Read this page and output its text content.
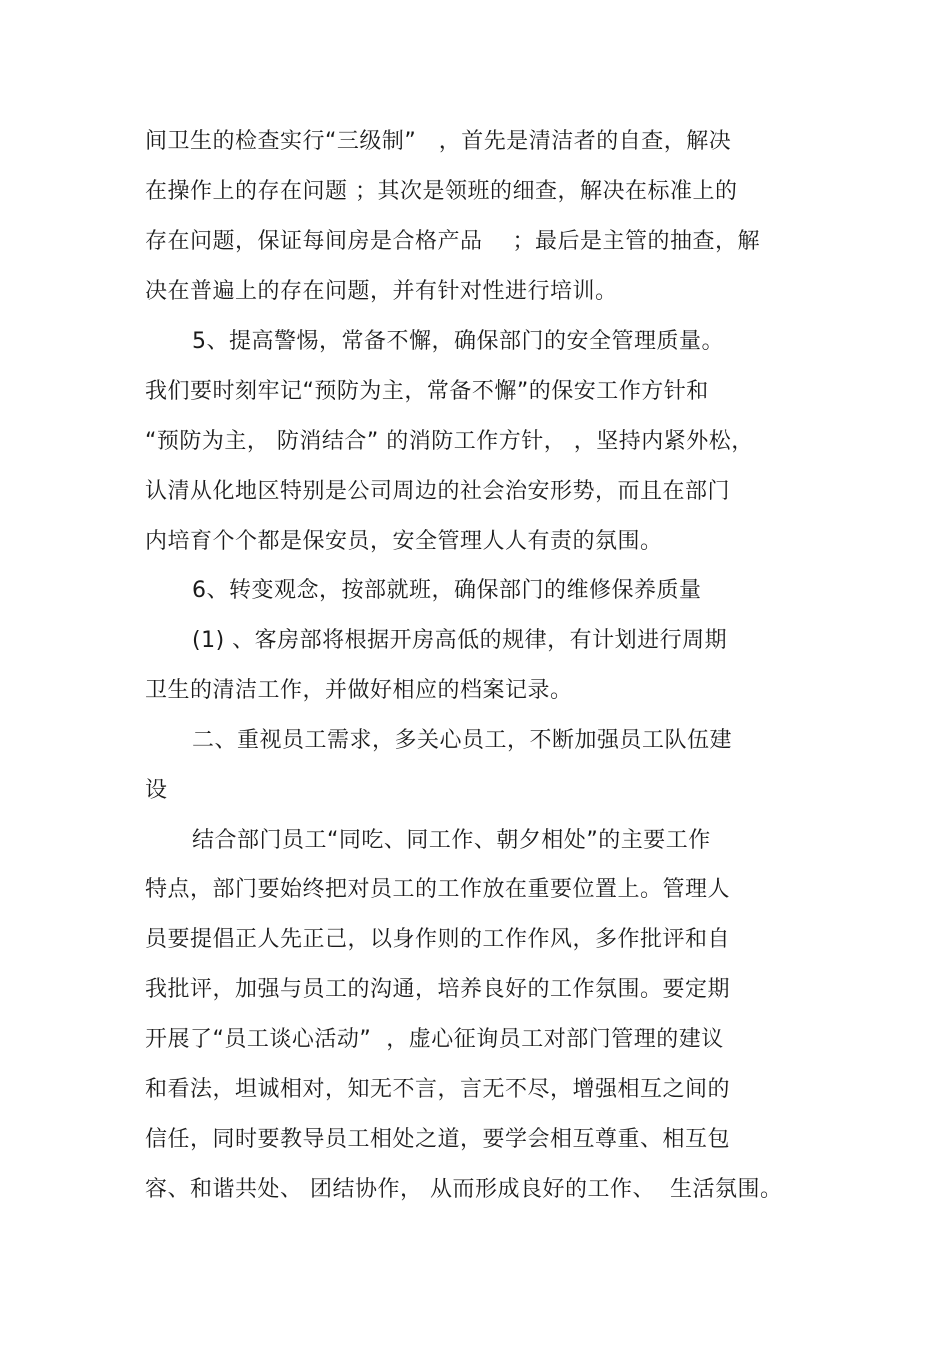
间卫生的检查实行“三级制”   ，首先是清洁者的自查，解决
在操作上的存在问题 ；其次是领班的细查，解决在标准上的
存在问题，保证每间房是合格产品    ；最后是主管的抽查，解
决在普遍上的存在问题，并有针对性进行培训。
5、提高警惕，常备不懈，确保部门的安全管理质量。
我们要时刻牢记“预防为主，常备不懈”的保安工作方针和
“预防为主， 防消结合” 的消防工作方针， ，坚持内紧外松，
认清从化地区特别是公司周边的社会治安形势，而且在部门
内培育个个都是保安员，安全管理人人有责的氛围。
6、转变观念，按部就班，确保部门的维修保养质量
(1) 、客房部将根据开房高低的规律，有计划进行周期
卫生的清洁工作，并做好相应的档案记录。
二、重视员工需求，多关心员工，不断加强员工队伍建
设
结合部门员工“同吃、同工作、朝夕相处”的主要工作
特点，部门要始终把对员工的工作放在重要位置上。管理人
员要提倡正人先正己，以身作则的工作作风，多作批评和自
我批评，加强与员工的沟通，培养良好的工作氛围。要定期
开展了“员工谈心活动”  ，虚心征询员工对部门管理的建议
和看法，坦诚相对，知无不言，言无不尽，增强相互之间的
信任，同时要教导员工相处之道，要学会相互尊重、相互包
容、和谐共处、 团结协作， 从而形成良好的工作、  生活氛围。
